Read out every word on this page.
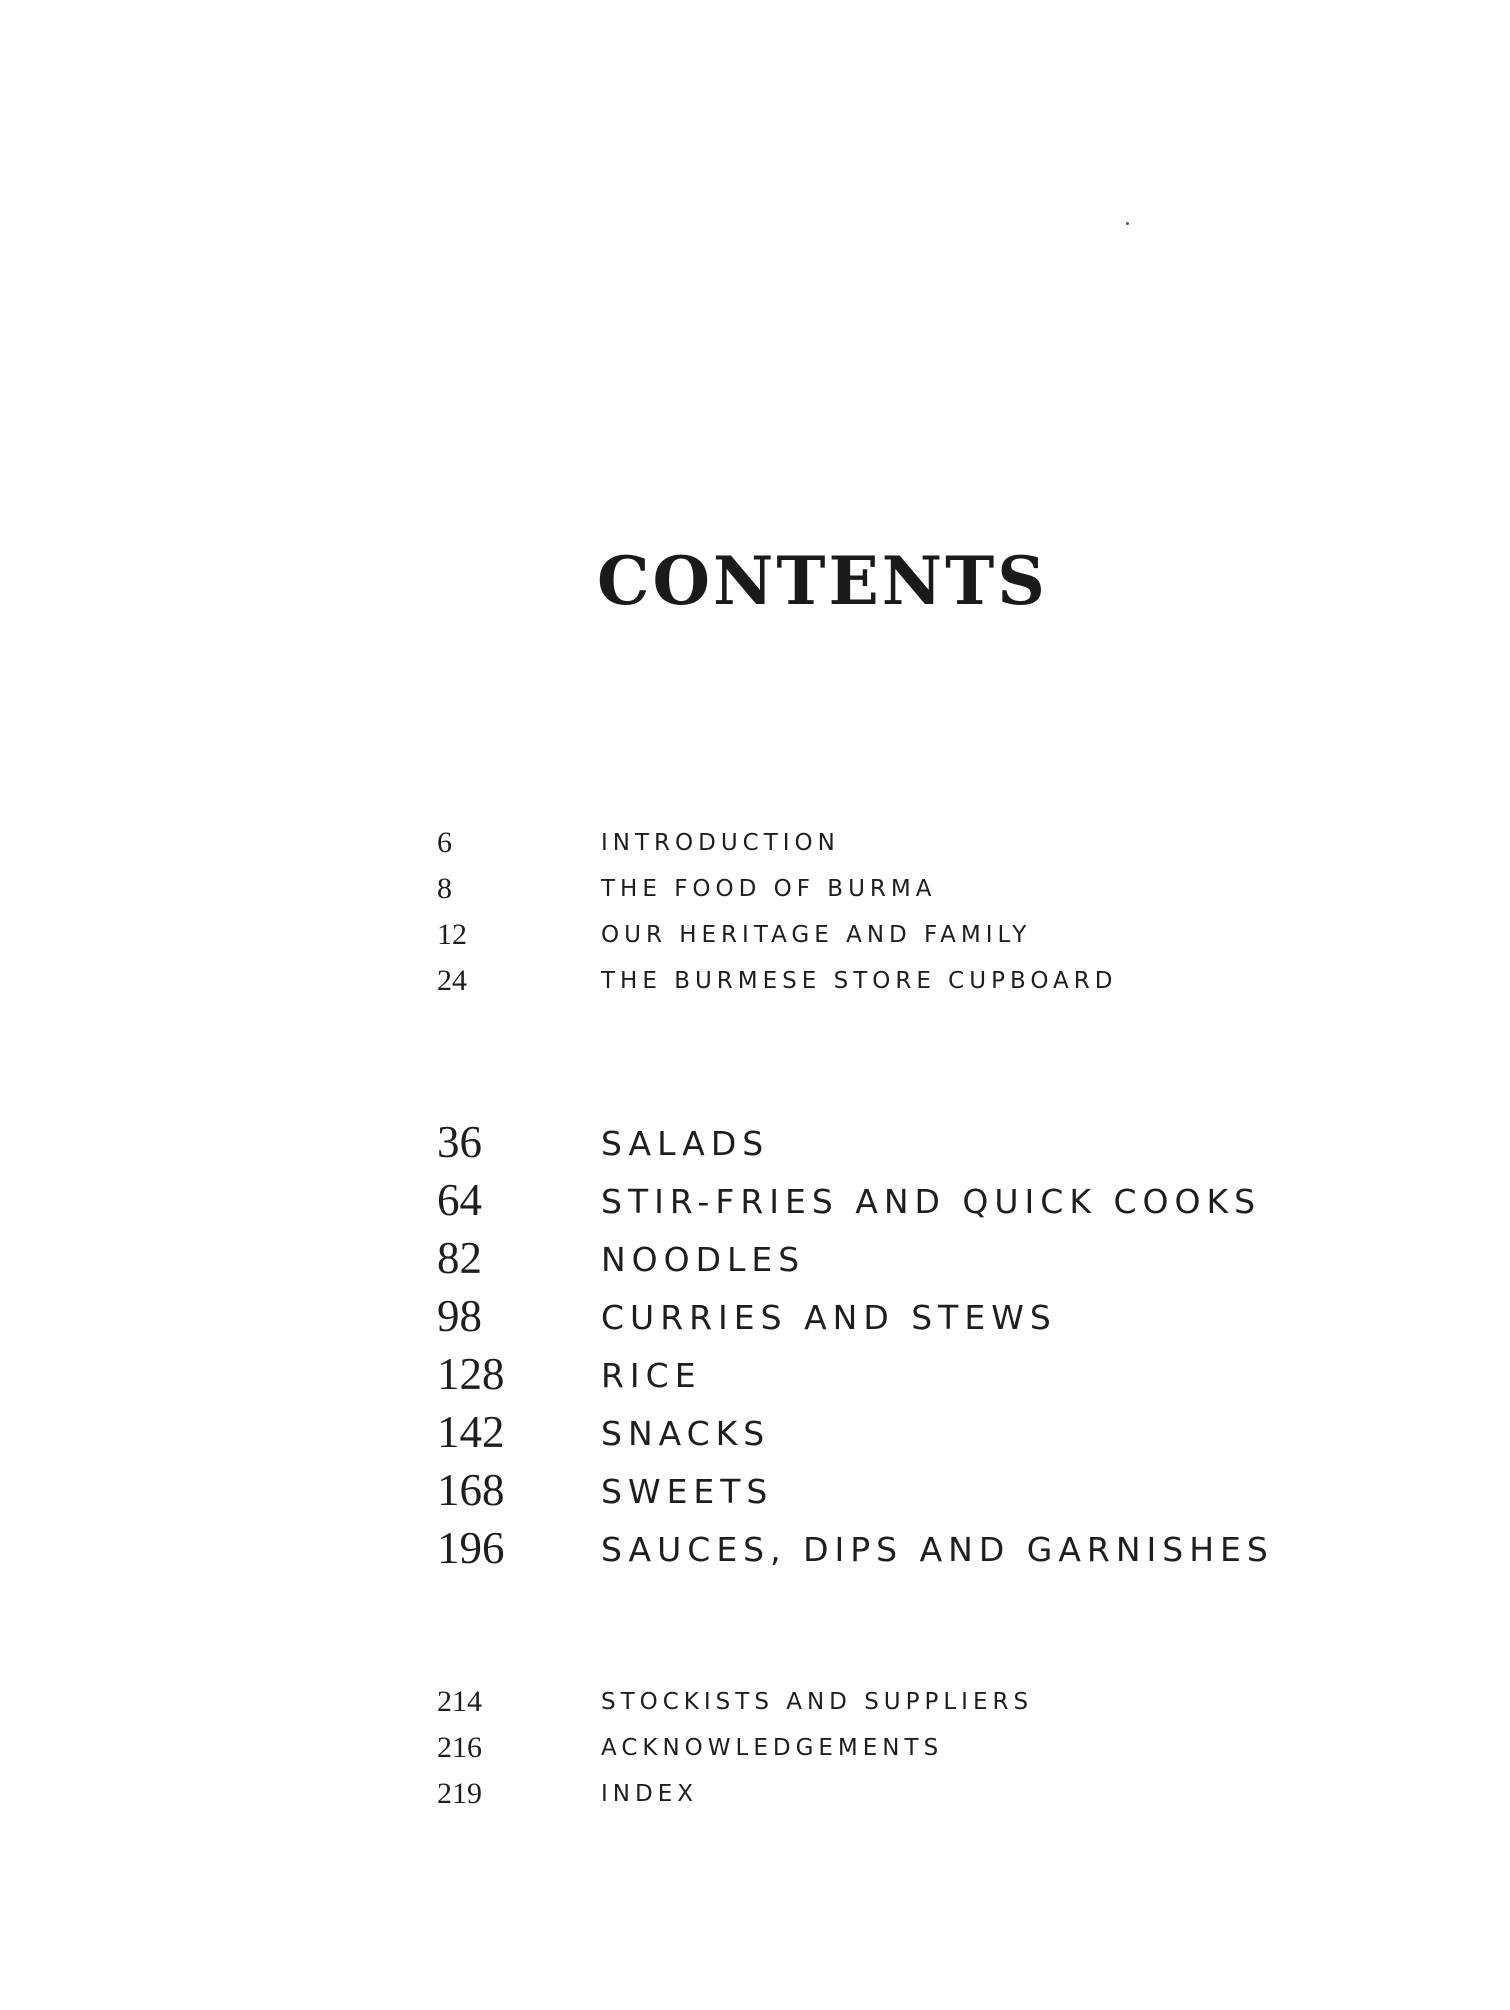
CONTENTS
6	INTRODUCTION
8	THE FOOD OF BURMA
12	OUR HERITAGE AND FAMILY
24	THE BURMESE STORE CUPBOARD
36	SALADS
64	STIR-FRIES AND QUICK COOKS
82	NOODLES
98	CURRIES AND STEWS
128	RICE
142	SNACKS
168	SWEETS
196	SAUCES, DIPS AND GARNISHES
214	STOCKISTS AND SUPPLIERS
216	ACKNOWLEDGEMENTS
219	INDEX
